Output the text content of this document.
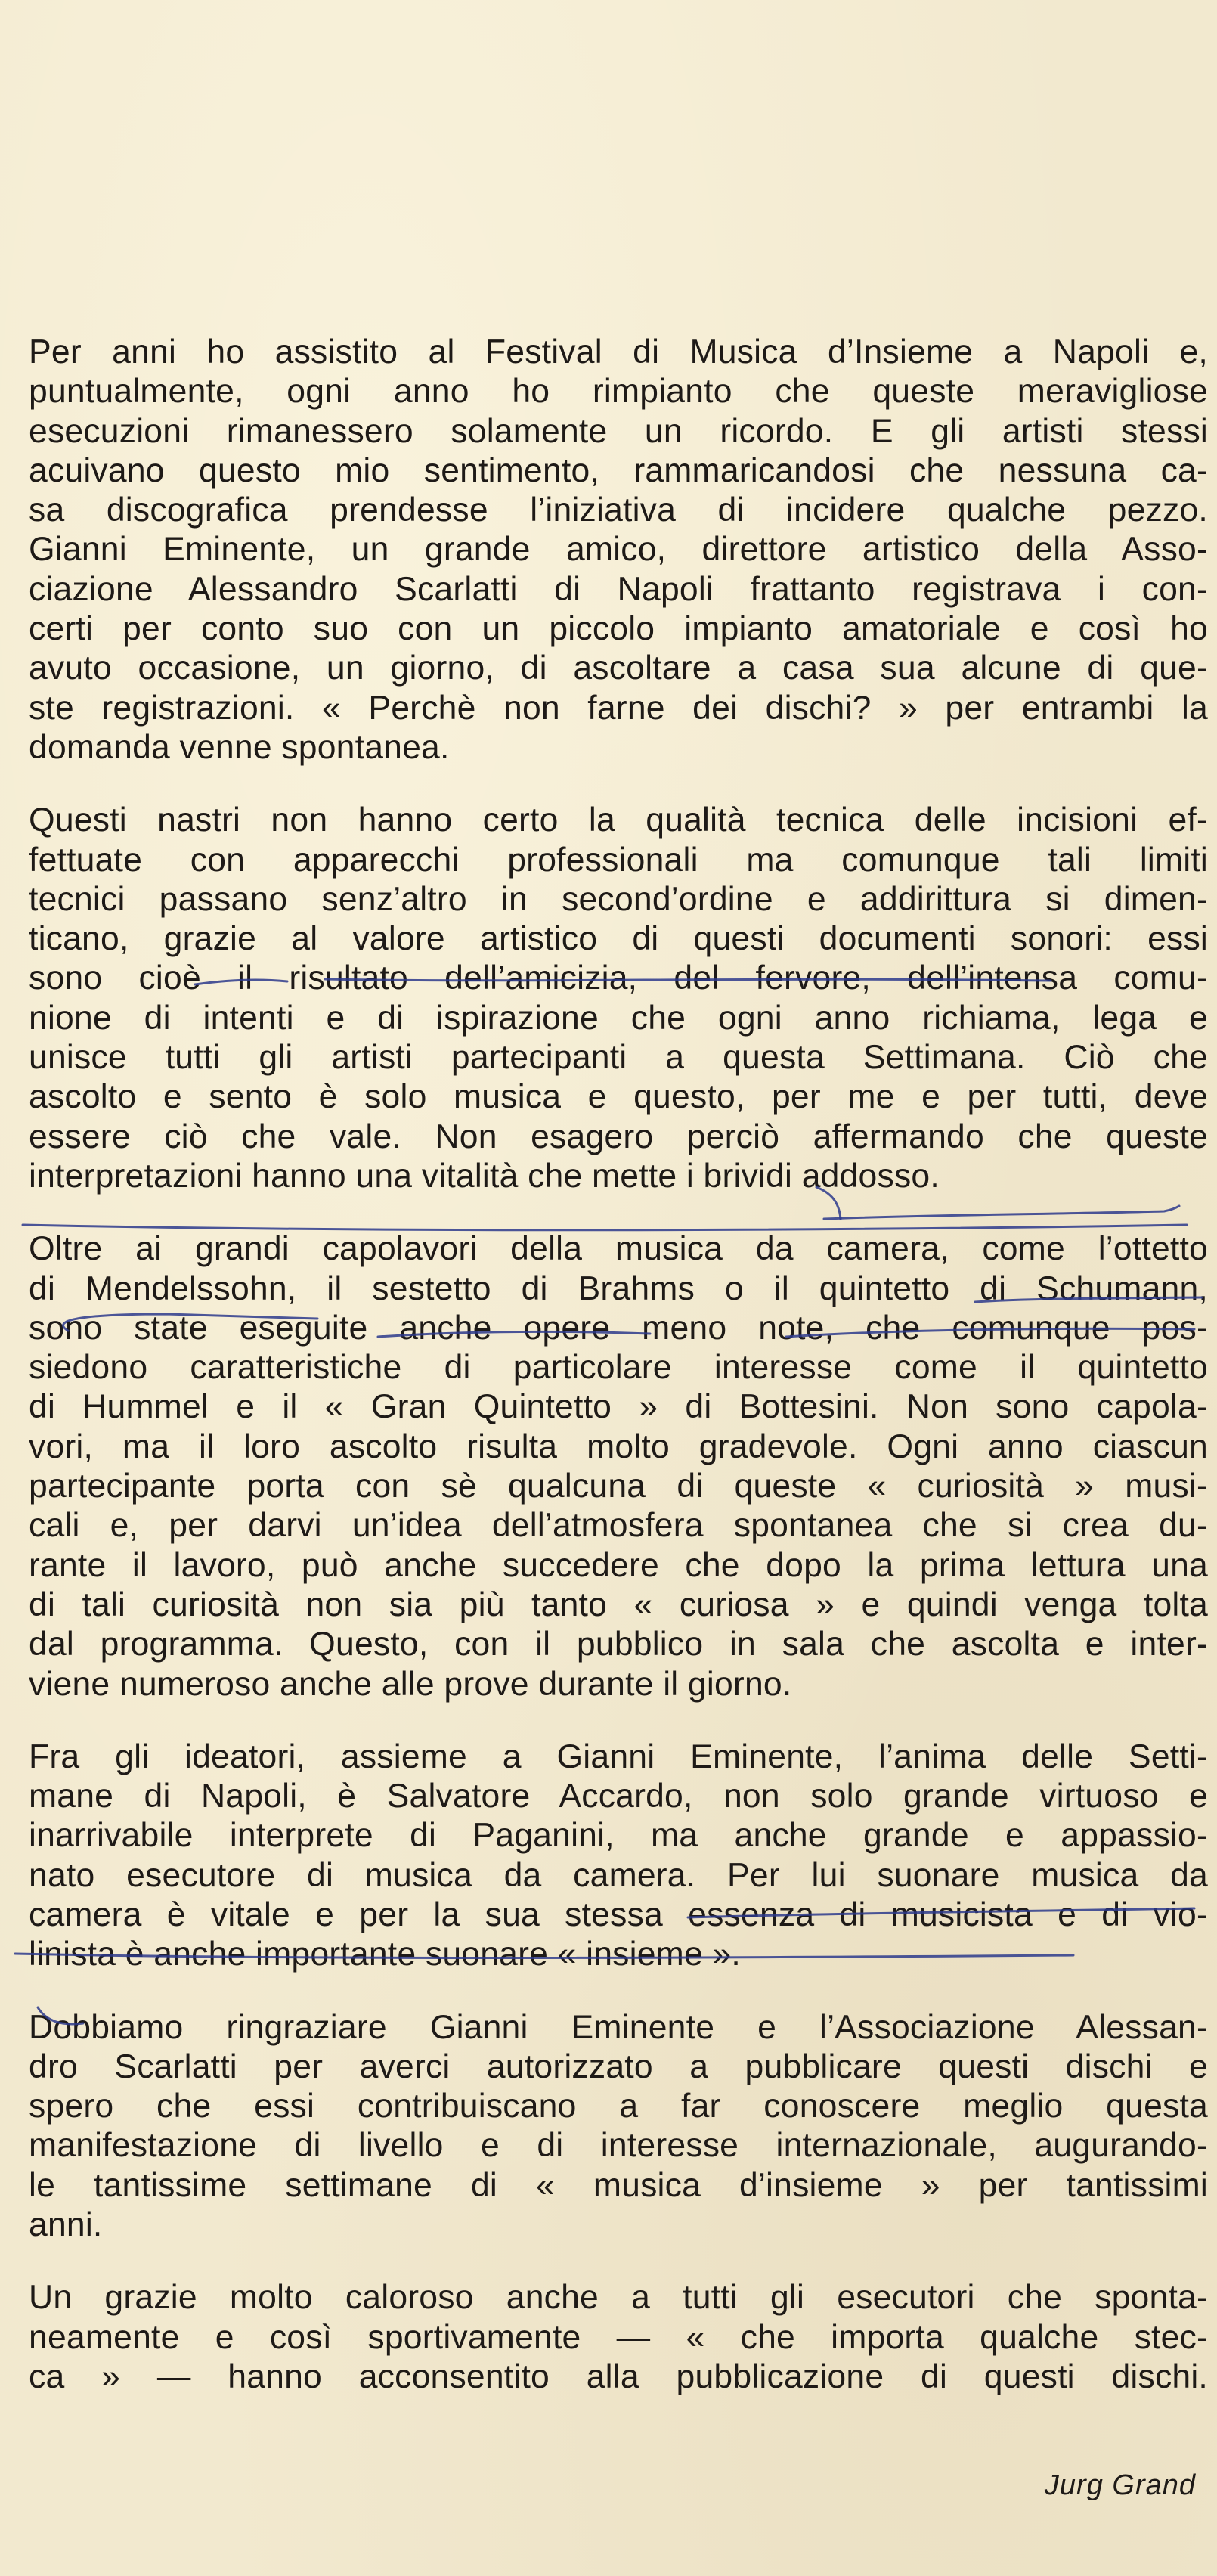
Per anni ho assistito al Festival di Musica d’Insieme a Napoli e,
puntualmente, ogni anno ho rimpianto che queste meravigliose
esecuzioni rimanessero solamente un ricordo. E gli artisti stessi
acuivano questo mio sentimento, rammaricandosi che nessuna ca-
sa discografica prendesse l’iniziativa di incidere qualche pezzo.
Gianni Eminente, un grande amico, direttore artistico della Asso-
ciazione Alessandro Scarlatti di Napoli frattanto registrava i con-
certi per conto suo con un piccolo impianto amatoriale e così ho
avuto occasione, un giorno, di ascoltare a casa sua alcune di que-
ste registrazioni. « Perchè non farne dei dischi? » per entrambi la
domanda venne spontanea.

Questi nastri non hanno certo la qualità tecnica delle incisioni ef-
fettuate con apparecchi professionali ma comunque tali limiti
tecnici passano senz’altro in second’ordine e addirittura si dimen-
ticano, grazie al valore artistico di questi documenti sonori: essi
sono cioè il risultato dell’amicizia, del fervore, dell’intensa comu-
nione di intenti e di ispirazione che ogni anno richiama, lega e
unisce tutti gli artisti partecipanti a questa Settimana. Ciò che
ascolto e sento è solo musica e questo, per me e per tutti, deve
essere ciò che vale. Non esagero perciò affermando che queste
interpretazioni hanno una vitalità che mette i brividi addosso.

Oltre ai grandi capolavori della musica da camera, come l’ottetto
di Mendelssohn, il sestetto di Brahms o il quintetto di Schumann,
sono state eseguite anche opere meno note, che comunque pos-
siedono caratteristiche di particolare interesse come il quintetto
di Hummel e il « Gran Quintetto » di Bottesini. Non sono capola-
vori, ma il loro ascolto risulta molto gradevole. Ogni anno ciascun
partecipante porta con sè qualcuna di queste « curiosità » musi-
cali e, per darvi un’idea dell’atmosfera spontanea che si crea du-
rante il lavoro, può anche succedere che dopo la prima lettura una
di tali curiosità non sia più tanto « curiosa » e quindi venga tolta
dal programma. Questo, con il pubblico in sala che ascolta e inter-
viene numeroso anche alle prove durante il giorno.

Fra gli ideatori, assieme a Gianni Eminente, l’anima delle Setti-
mane di Napoli, è Salvatore Accardo, non solo grande virtuoso e
inarrivabile interprete di Paganini, ma anche grande e appassio-
nato esecutore di musica da camera. Per lui suonare musica da
camera è vitale e per la sua stessa essenza di musicista e di vio-
linista è anche importante suonare « insieme ».

Dobbiamo ringraziare Gianni Eminente e l’Associazione Alessan-
dro Scarlatti per averci autorizzato a pubblicare questi dischi e
spero che essi contribuiscano a far conoscere meglio questa
manifestazione di livello e di interesse internazionale, augurando-
le tantissime settimane di « musica d’insieme » per tantissimi
anni.

Un grazie molto caloroso anche a tutti gli esecutori che sponta-
neamente e così sportivamente — « che importa qualche stec-
ca » — hanno acconsentito alla pubblicazione di questi dischi.

Jurg Grand
